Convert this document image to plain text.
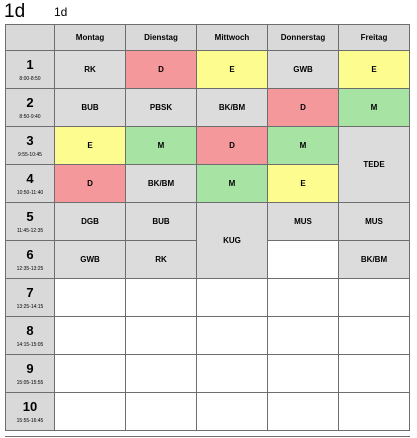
1d 1d
	Montag	Dienstag	Mittwoch	Donnerstag	Freitag

1
8:00-8:50	RK	D	E	GWB	E

2
8:50-9:40	BUB	PBSK	BK/BM	D	M

3
9:55-10:45	E	M	D	M	TEDE

4
10:50-11:40	D	BK/BM	M	E	

5
11:45-12:35	DGB	BUB	KUG	MUS	MUS

6
12:35-13:25	GWB	RK			BK/BM

7
13:25-14:15					

8
14:15-15:05					

9
15:05-15:55					

10
15:55-16:45					
